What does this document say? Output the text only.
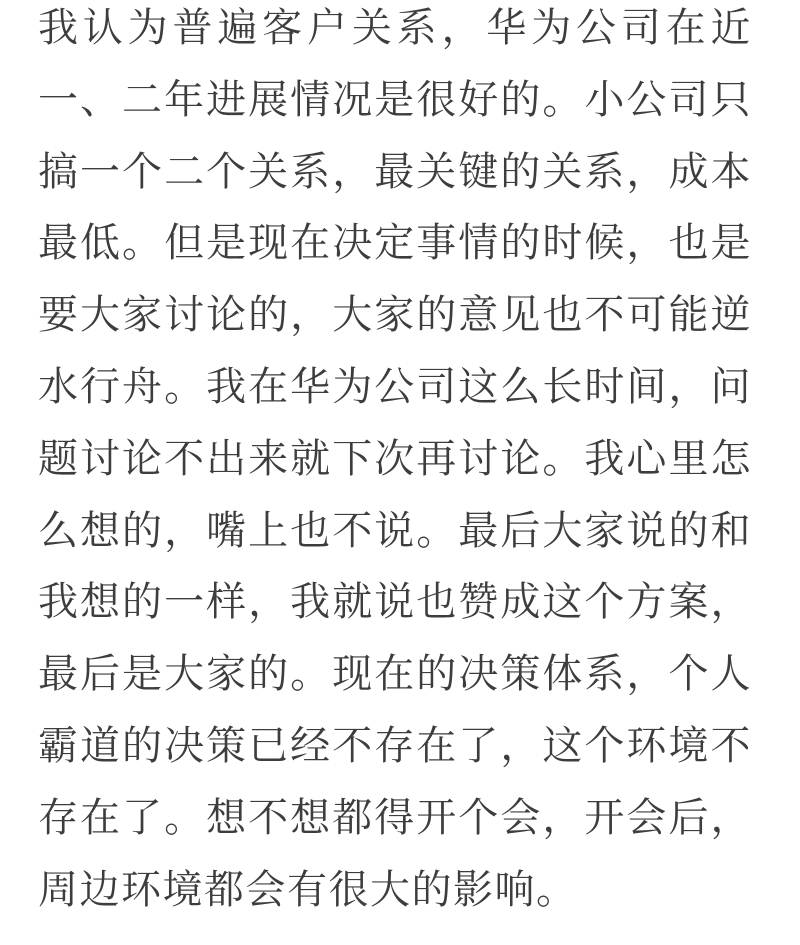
我认为普遍客户关系，华为公司在近
一、二年进展情况是很好的。小公司只
搞一个二个关系，最关键的关系，成本
最低。但是现在决定事情的时候，也是
要大家讨论的，大家的意见也不可能逆
水行舟。我在华为公司这么长时间，问
题讨论不出来就下次再讨论。我心里怎
么想的，嘴上也不说。最后大家说的和
我想的一样，我就说也赞成这个方案，
最后是大家的。现在的决策体系，个人
霸道的决策已经不存在了，这个环境不
存在了。想不想都得开个会，开会后，
周边环境都会有很大的影响。
